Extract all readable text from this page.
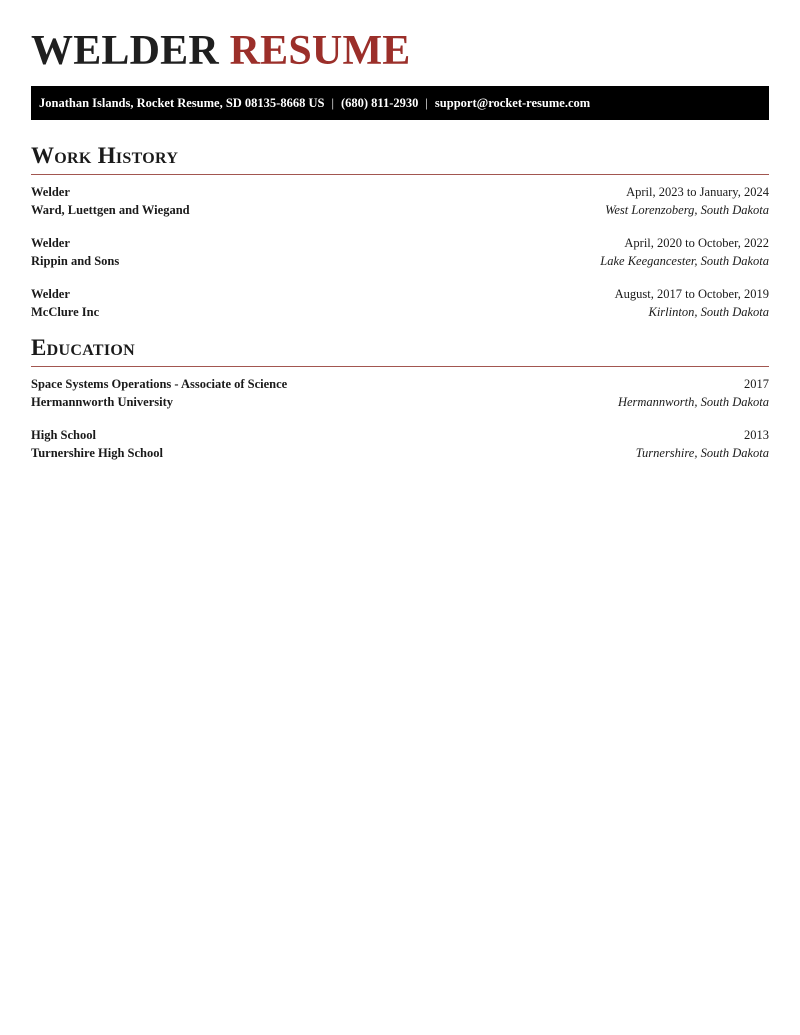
WELDER RESUME
Jonathan Islands, Rocket Resume, SD 08135-8668 US | (680) 811-2930 | support@rocket-resume.com
Work History
Welder	April, 2023 to January, 2024
Ward, Luettgen and Wiegand	West Lorenzoberg, South Dakota
Welder	April, 2020 to October, 2022
Rippin and Sons	Lake Keegancester, South Dakota
Welder	August, 2017 to October, 2019
McClure Inc	Kirlinton, South Dakota
Education
Space Systems Operations - Associate of Science	2017
Hermannworth University	Hermannworth, South Dakota
High School	2013
Turnershire High School	Turnershire, South Dakota
